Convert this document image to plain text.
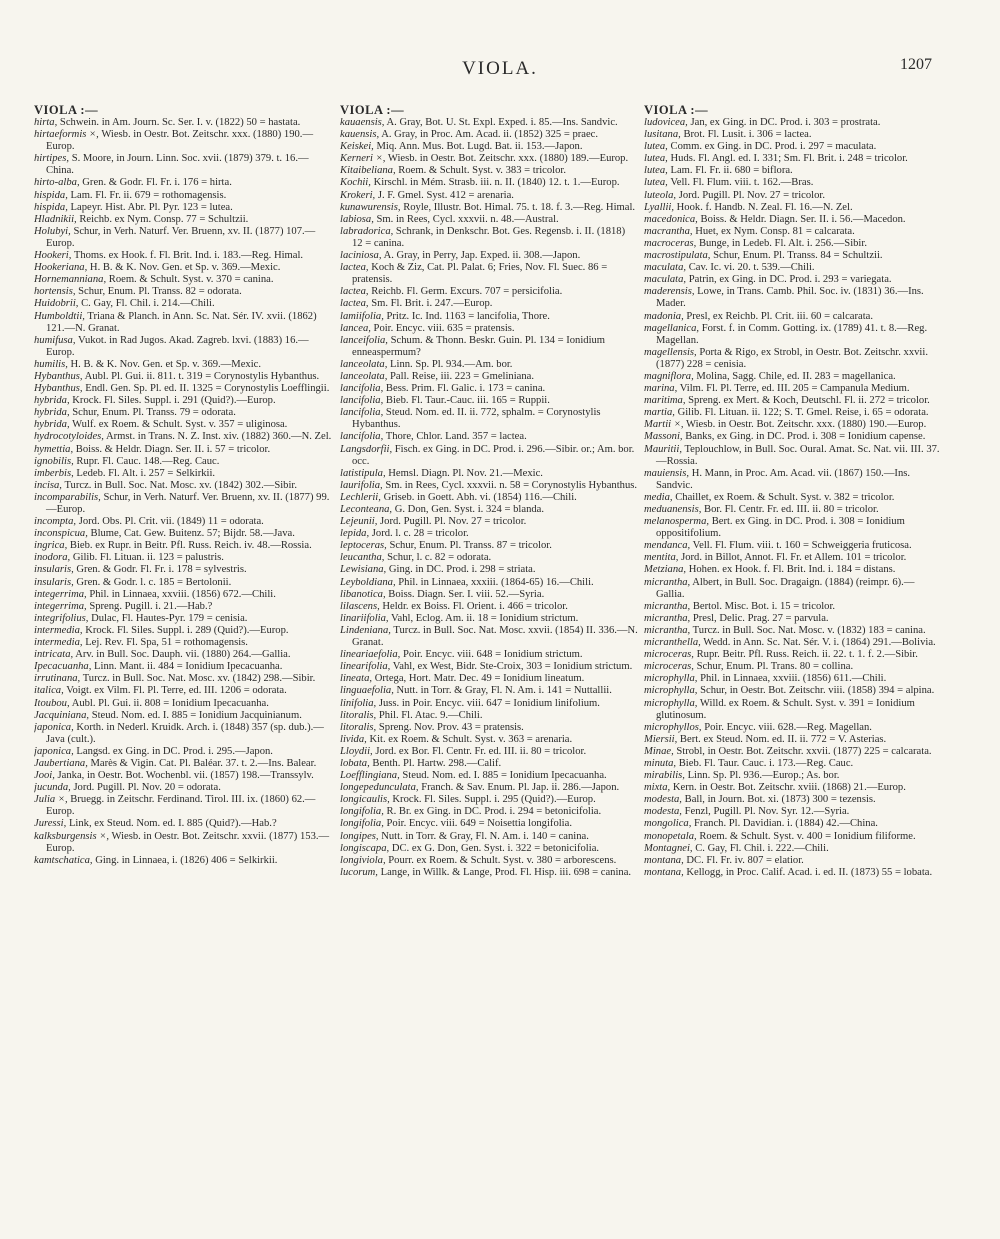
VIOLA.	1207
VIOLA :—

hirta, Schwein. in Am. Journ. Sc. Ser. I. v. (1822) 50 = hastata.

hirtaeformis ×, Wiesb. in Oestr. Bot. Zeitschr. xxx. (1880) 190.—Europ.

hirtipes, S. Moore, in Journ. Linn. Soc. xvii. (1879) 379. t. 16.—China.

hirto-alba, Gren. & Godr. Fl. Fr. i. 176 = hirta.

hispida, Lam. Fl. Fr. ii. 679 = rothomagensis.

hispida, Lapeyr. Hist. Abr. Pl. Pyr. 123 = lutea.

Hladnikii, Reichb. ex Nym. Consp. 77 = Schultzii.

Holubyi, Schur, in Verh. Naturf. Ver. Bruenn, xv. II. (1877) 107.—Europ.

Hookeri, Thoms. ex Hook. f. Fl. Brit. Ind. i. 183.—Reg. Himal.

Hookeriana, H. B. & K. Nov. Gen. et Sp. v. 369.—Mexic.

Hornemanniana, Roem. & Schult. Syst. v. 370 = canina.

hortensis, Schur, Enum. Pl. Transs. 82 = odorata.

Huidobrii, C. Gay, Fl. Chil. i. 214.—Chili.

Humboldtii, Triana & Planch. in Ann. Sc. Nat. Sér. IV. xvii. (1862) 121.—N. Granat.

humifusa, Vukot. in Rad Jugos. Akad. Zagreb. lxvi. (1883) 16.—Europ.

humilis, H. B. & K. Nov. Gen. et Sp. v. 369.—Mexic.

Hybanthus, Aubl. Pl. Gui. ii. 811. t. 319 = Corynostylis Hybanthus.

Hybanthus, Endl. Gen. Sp. Pl. ed. II. 1325 = Corynostylis Loefflingii.

hybrida, Krock. Fl. Siles. Suppl. i. 291 (Quid?).—Europ.

hybrida, Schur, Enum. Pl. Transs. 79 = odorata.

hybrida, Wulf. ex Roem. & Schult. Syst. v. 357 = uliginosa.

hydrocotyloides, Armst. in Trans. N. Z. Inst. xiv. (1882) 360.—N. Zel.

hymettia, Boiss. & Heldr. Diagn. Ser. II. i. 57 = tricolor.

ignobilis, Rupr. Fl. Cauc. 148.—Reg. Cauc.

imberbis, Ledeb. Fl. Alt. i. 257 = Selkirkii.

incisa, Turcz. in Bull. Soc. Nat. Mosc. xv. (1842) 302.—Sibir.

incomparabilis, Schur, in Verh. Naturf. Ver. Bruenn, xv. II. (1877) 99.—Europ.

incompta, Jord. Obs. Pl. Crit. vii. (1849) 11 = odorata.

inconspicua, Blume, Cat. Gew. Buitenz. 57; Bijdr. 58.—Java.

ingrica, Bieb. ex Rupr. in Beitr. Pfl. Russ. Reich. iv. 48.—Rossia.

inodora, Gilib. Fl. Lituan. ii. 123 = palustris.

insularis, Gren. & Godr. Fl. Fr. i. 178 = sylvestris.

insularis, Gren. & Godr. l. c. 185 = Bertolonii.

integerrima, Phil. in Linnaea, xxviii. (1856) 672.—Chili.

integerrima, Spreng. Pugill. i. 21.—Hab.?

integrifolius, Dulac, Fl. Hautes-Pyr. 179 = cenisia.

intermedia, Krock. Fl. Siles. Suppl. i. 289 (Quid?).—Europ.

intermedia, Lej. Rev. Fl. Spa, 51 = rothomagensis.

intricata, Arv. in Bull. Soc. Dauph. vii. (1880) 264.—Gallia.

Ipecacuanha, Linn. Mant. ii. 484 = Ionidium Ipecacuanha.

irrutinana, Turcz. in Bull. Soc. Nat. Mosc. xv. (1842) 298.—Sibir.

italica, Voigt. ex Vilm. Fl. Pl. Terre, ed. III. 1206 = odorata.

Itoubou, Aubl. Pl. Gui. ii. 808 = Ionidium Ipecacuanha.

Jacquiniana, Steud. Nom. ed. I. 885 = Ionidium Jacquinianum.

japonica, Korth. in Nederl. Kruidk. Arch. i. (1848) 357 (sp. dub.).—Java (cult.).

japonica, Langsd. ex Ging. in DC. Prod. i. 295.—Japon.

Jaubertiana, Marès & Vigin. Cat. Pl. Baléar. 37. t. 2.—Ins. Balear.

Jooi, Janka, in Oestr. Bot. Wochenbl. vii. (1857) 198.—Transsylv.

jucunda, Jord. Pugill. Pl. Nov. 20 = odorata.

Julia ×, Bruegg. in Zeitschr. Ferdinand. Tirol. III. ix. (1860) 62.—Europ.

Juressi, Link, ex Steud. Nom. ed. I. 885 (Quid?).—Hab.?

kalksburgensis ×, Wiesb. in Oestr. Bot. Zeitschr. xxvii. (1877) 153.—Europ.

kamtschatica, Ging. in Linnaea, i. (1826) 406 = Selkirkii.

VIOLA :—

kauaensis, A. Gray, Bot. U. St. Expl. Exped. i. 85.—Ins. Sandvic.

kauensis, A. Gray, in Proc. Am. Acad. ii. (1852) 325 = praec.

Keiskei, Miq. Ann. Mus. Bot. Lugd. Bat. ii. 153.—Japon.

Kerneri ×, Wiesb. in Oestr. Bot. Zeitschr. xxx. (1880) 189.—Europ.

Kitaibeliana, Roem. & Schult. Syst. v. 383 = tricolor.

Kochii, Kirschl. in Mém. Strasb. iii. n. II. (1840) 12. t. 1.—Europ.

Krokeri, J. F. Gmel. Syst. 412 = arenaria.

kunawurensis, Royle, Illustr. Bot. Himal. 75. t. 18. f. 3.—Reg. Himal.

labiosa, Sm. in Rees, Cycl. xxxvii. n. 48.—Austral.

labradorica, Schrank, in Denkschr. Bot. Ges. Regensb. i. II. (1818) 12 = canina.

laciniosa, A. Gray, in Perry, Jap. Exped. ii. 308.—Japon.

lactea, Koch & Ziz, Cat. Pl. Palat. 6; Fries, Nov. Fl. Suec. 86 = pratensis.

lactea, Reichb. Fl. Germ. Excurs. 707 = persicifolia.

lactea, Sm. Fl. Brit. i. 247.—Europ.

lamiifolia, Pritz. Ic. Ind. 1163 = lancifolia, Thore.

lancea, Poir. Encyc. viii. 635 = pratensis.

lanceifolia, Schum. & Thonn. Beskr. Guin. Pl. 134 = Ionidium enneaspermum?

lanceolata, Linn. Sp. Pl. 934.—Am. bor.

lanceolata, Pall. Reise, iii. 223 = Gmeliniana.

lancifolia, Bess. Prim. Fl. Galic. i. 173 = canina.

lancifolia, Bieb. Fl. Taur.-Cauc. iii. 165 = Ruppii.

lancifolia, Steud. Nom. ed. II. ii. 772, sphalm. = Corynostylis Hybanthus.

lancifolia, Thore, Chlor. Land. 357 = lactea.

Langsdorfii, Fisch. ex Ging. in DC. Prod. i. 296.—Sibir. or.; Am. bor. occ.

latistipula, Hemsl. Diagn. Pl. Nov. 21.—Mexic.

laurifolia, Sm. in Rees, Cycl. xxxvii. n. 58 = Corynostylis Hybanthus.

Lechlerii, Griseb. in Goett. Abh. vi. (1854) 116.—Chili.

Leconteana, G. Don, Gen. Syst. i. 324 = blanda.

Lejeunii, Jord. Pugill. Pl. Nov. 27 = tricolor.

lepida, Jord. l. c. 28 = tricolor.

leptoceras, Schur, Enum. Pl. Transs. 87 = tricolor.

leucantha, Schur, l. c. 82 = odorata.

Lewisiana, Ging. in DC. Prod. i. 298 = striata.

Leyboldiana, Phil. in Linnaea, xxxiii. (1864-65) 16.—Chili.

libanotica, Boiss. Diagn. Ser. I. viii. 52.—Syria.

lilascens, Heldr. ex Boiss. Fl. Orient. i. 466 = tricolor.

linariifolia, Vahl, Eclog. Am. ii. 18 = Ionidium strictum.

Lindeniana, Turcz. in Bull. Soc. Nat. Mosc. xxvii. (1854) II. 336.—N. Granat.

lineariaefolia, Poir. Encyc. viii. 648 = Ionidium strictum.

linearifolia, Vahl, ex West, Bidr. Ste-Croix, 303 = Ionidium strictum.

lineata, Ortega, Hort. Matr. Dec. 49 = Ionidium lineatum.

linguaefolia, Nutt. in Torr. & Gray, Fl. N. Am. i. 141 = Nuttallii.

linifolia, Juss. in Poir. Encyc. viii. 647 = Ionidium linifolium.

litoralis, Phil. Fl. Atac. 9.—Chili.

litoralis, Spreng. Nov. Prov. 43 = pratensis.

livida, Kit. ex Roem. & Schult. Syst. v. 363 = arenaria.

Lloydii, Jord. ex Bor. Fl. Centr. Fr. ed. III. ii. 80 = tricolor.

lobata, Benth. Pl. Hartw. 298.—Calif.

Loefflingiana, Steud. Nom. ed. I. 885 = Ionidium Ipecacuanha.

longepedunculata, Franch. & Sav. Enum. Pl. Jap. ii. 286.—Japon.

longicaulis, Krock. Fl. Siles. Suppl. i. 295 (Quid?).—Europ.

longifolia, R. Br. ex Ging. in DC. Prod. i. 294 = betonicifolia.

longifolia, Poir. Encyc. viii. 649 = Noisettia longifolia.

longipes, Nutt. in Torr. & Gray, Fl. N. Am. i. 140 = canina.

longiscapa, DC. ex G. Don, Gen. Syst. i. 322 = betonicifolia.

longiviola, Pourr. ex Roem. & Schult. Syst. v. 380 = arborescens.

lucorum, Lange, in Willk. & Lange, Prod. Fl. Hisp. iii. 698 = canina.

VIOLA :—

ludovicea, Jan, ex Ging. in DC. Prod. i. 303 = prostrata.

lusitana, Brot. Fl. Lusit. i. 306 = lactea.

lutea, Comm. ex Ging. in DC. Prod. i. 297 = maculata.

lutea, Huds. Fl. Angl. ed. I. 331; Sm. Fl. Brit. i. 248 = tricolor.

lutea, Lam. Fl. Fr. ii. 680 = biflora.

lutea, Vell. Fl. Flum. viii. t. 162.—Bras.

luteola, Jord. Pugill. Pl. Nov. 27 = tricolor.

Lyallii, Hook. f. Handb. N. Zeal. Fl. 16.—N. Zel.

macedonica, Boiss. & Heldr. Diagn. Ser. II. i. 56.—Macedon.

macrantha, Huet, ex Nym. Consp. 81 = calcarata.

macroceras, Bunge, in Ledeb. Fl. Alt. i. 256.—Sibir.

macrostipulata, Schur, Enum. Pl. Transs. 84 = Schultzii.

maculata, Cav. Ic. vi. 20. t. 539.—Chili.

maculata, Patrin, ex Ging. in DC. Prod. i. 293 = variegata.

maderensis, Lowe, in Trans. Camb. Phil. Soc. iv. (1831) 36.—Ins. Mader.

madonia, Presl, ex Reichb. Pl. Crit. iii. 60 = calcarata.

magellanica, Forst. f. in Comm. Gotting. ix. (1789) 41. t. 8.—Reg. Magellan.

magellensis, Porta & Rigo, ex Strobl, in Oestr. Bot. Zeitschr. xxvii. (1877) 228 = cenisia.

magniflora, Molina, Sagg. Chile, ed. II. 283 = magellanica.

marina, Vilm. Fl. Pl. Terre, ed. III. 205 = Campanula Medium.

maritima, Spreng. ex Mert. & Koch, Deutschl. Fl. ii. 272 = tricolor.

martia, Gilib. Fl. Lituan. ii. 122; S. T. Gmel. Reise, i. 65 = odorata.

Martii ×, Wiesb. in Oestr. Bot. Zeitschr. xxx. (1880) 190.—Europ.

Massoni, Banks, ex Ging. in DC. Prod. i. 308 = Ionidium capense.

Mauritii, Teplouchlow, in Bull. Soc. Oural. Amat. Sc. Nat. vii. III. 37.—Rossia.

mauiensis, H. Mann, in Proc. Am. Acad. vii. (1867) 150.—Ins. Sandvic.

media, Chaillet, ex Roem. & Schult. Syst. v. 382 = tricolor.

meduanensis, Bor. Fl. Centr. Fr. ed. III. ii. 80 = tricolor.

melanosperma, Bert. ex Ging. in DC. Prod. i. 308 = Ionidium oppositifolium.

mendanca, Vell. Fl. Flum. viii. t. 160 = Schweiggeria fruticosa.

mentita, Jord. in Billot, Annot. Fl. Fr. et Allem. 101 = tricolor.

Metziana, Hohen. ex Hook. f. Fl. Brit. Ind. i. 184 = distans.

micrantha, Albert, in Bull. Soc. Dragaign. (1884) (reimpr. 6).—Gallia.

micrantha, Bertol. Misc. Bot. i. 15 = tricolor.

micrantha, Presl, Delic. Prag. 27 = parvula.

micrantha, Turcz. in Bull. Soc. Nat. Mosc. v. (1832) 183 = canina.

micranthella, Wedd. in Ann. Sc. Nat. Sér. V. i. (1864) 291.—Bolivia.

microceras, Rupr. Beitr. Pfl. Russ. Reich. ii. 22. t. 1. f. 2.—Sibir.

microceras, Schur, Enum. Pl. Trans. 80 = collina.

microphylla, Phil. in Linnaea, xxviii. (1856) 611.—Chili.

microphylla, Schur, in Oestr. Bot. Zeitschr. viii. (1858) 394 = alpina.

microphylla, Willd. ex Roem. & Schult. Syst. v. 391 = Ionidium glutinosum.

microphyllos, Poir. Encyc. viii. 628.—Reg. Magellan.

Miersii, Bert. ex Steud. Nom. ed. II. ii. 772 = V. Asterias.

Minae, Strobl, in Oestr. Bot. Zeitschr. xxvii. (1877) 225 = calcarata.

minuta, Bieb. Fl. Taur. Cauc. i. 173.—Reg. Cauc.

mirabilis, Linn. Sp. Pl. 936.—Europ.; As. bor.

mixta, Kern. in Oestr. Bot. Zeitschr. xviii. (1868) 21.—Europ.

modesta, Ball, in Journ. Bot. xi. (1873) 300 = tezensis.

modesta, Fenzl, Pugill. Pl. Nov. Syr. 12.—Syria.

mongolica, Franch. Pl. Davidian. i. (1884) 42.—China.

monopetala, Roem. & Schult. Syst. v. 400 = Ionidium filiforme.

Montagnei, C. Gay, Fl. Chil. i. 222.—Chili.

montana, DC. Fl. Fr. iv. 807 = elatior.

montana, Kellogg, in Proc. Calif. Acad. i. ed. II. (1873) 55 = lobata.
